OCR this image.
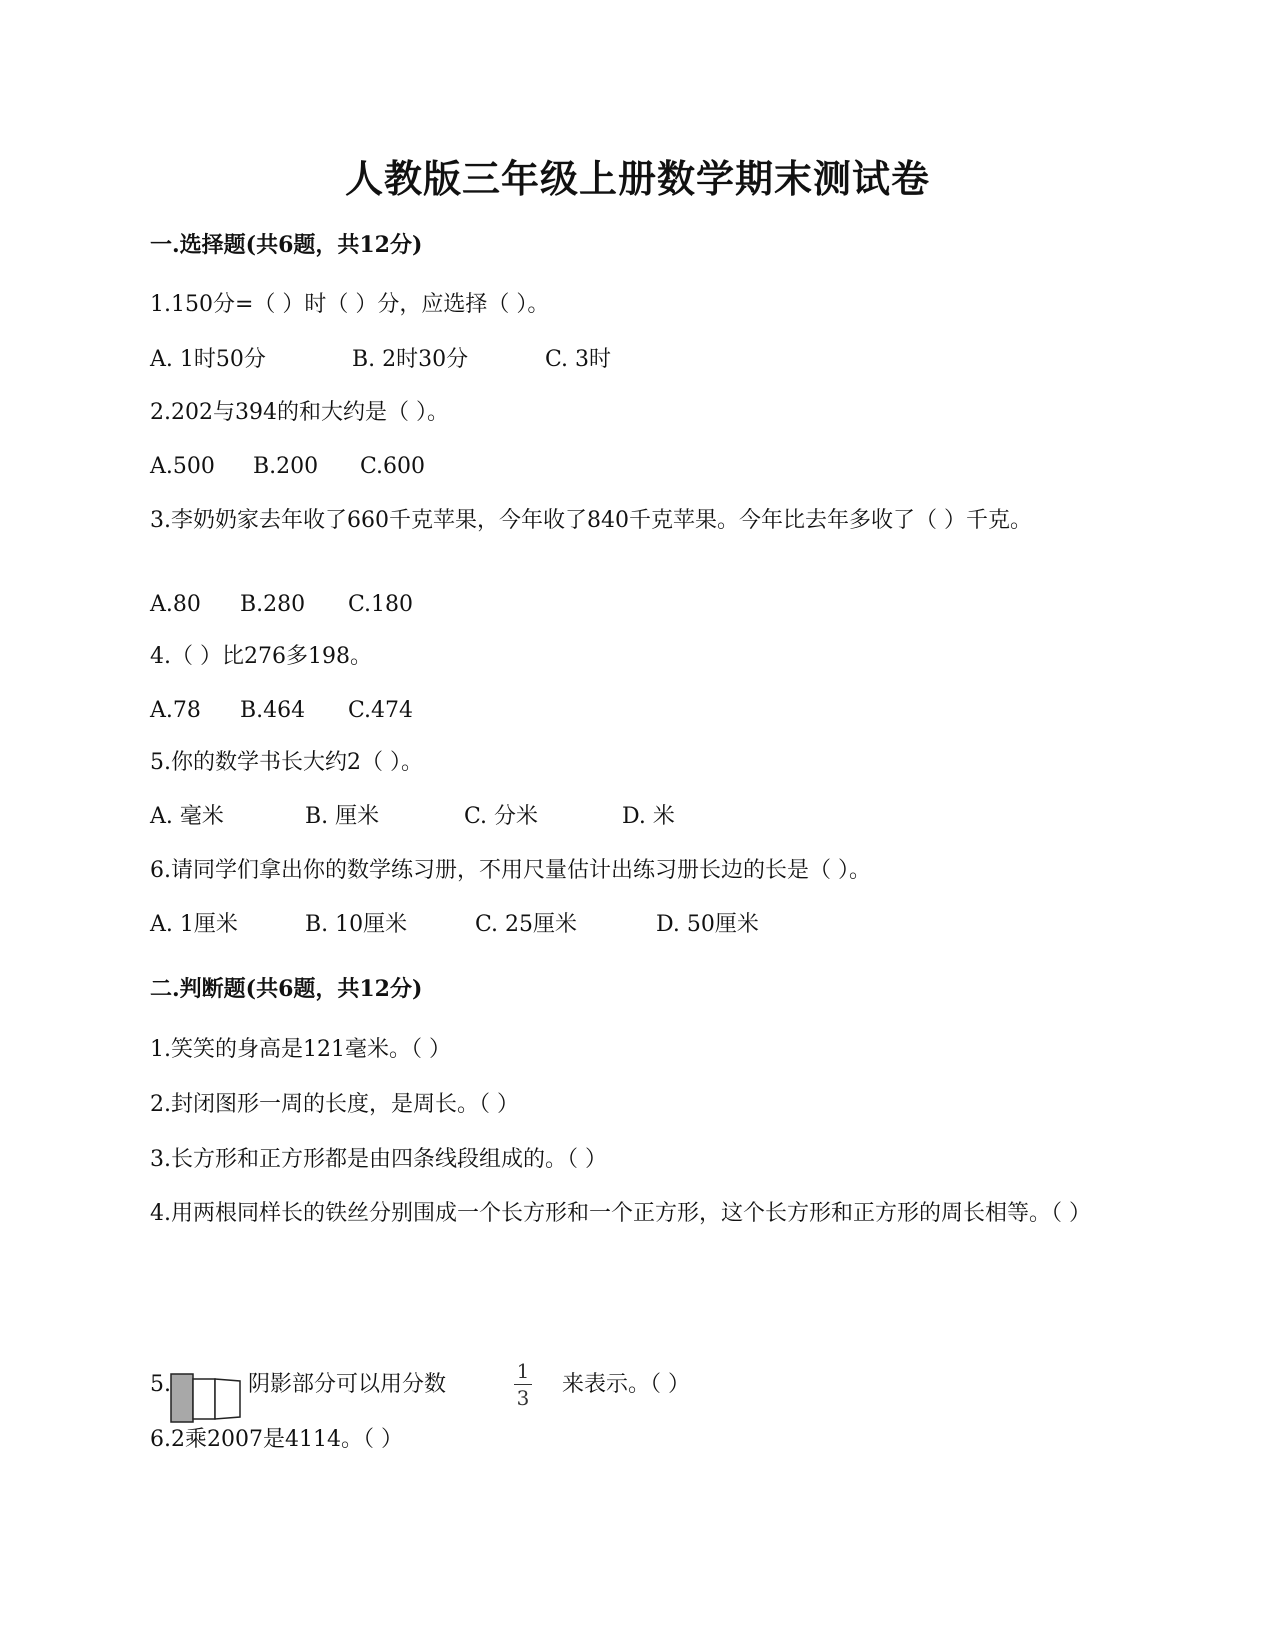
人教版三年级上册数学期末测试卷
一.选择题(共6题，共12分)
1.150分=（ ）时（ ）分，应选择（ ）。
A. 1时50分	B. 2时30分	C. 3时
2.202与394的和大约是（ ）。
A.500 B.200 C.600
3.李奶奶家去年收了660千克苹果，今年收了840千克苹果。今年比去年多收了（ ）千克。
A.80 B.280 C.180
4.（ ）比276多198。
A.78 B.464 C.474
5.你的数学书长大约2（ ）。
A. 毫米	B. 厘米	C. 分米	D. 米
6.请同学们拿出你的数学练习册，不用尺量估计出练习册长边的长是（ ）。
A. 1厘米	B. 10厘米	C. 25厘米	D. 50厘米
二.判断题(共6题，共12分)
1.笑笑的身高是121毫米。（ ）
2.封闭图形一周的长度，是周长。（ ）
3.长方形和正方形都是由四条线段组成的。（ ）
4.用两根同样长的铁丝分别围成一个长方形和一个正方形，这个长方形和正方形的周长相等。（ ）
5.	阴影部分可以用分数
1
3
来表示。（ ）
6.2乘2007是4114。（ ）
